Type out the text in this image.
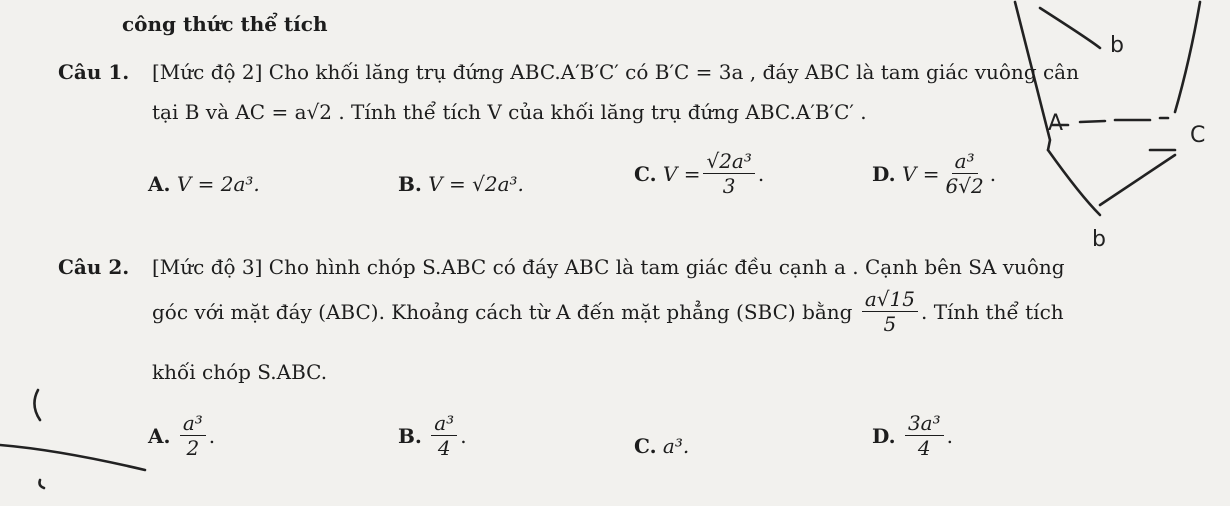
b
A	C
b
công thức thể tích
Câu 1. [Mức độ 2] Cho khối lăng trụ đứng ABC.A′B′C′ có B′C = 3a , đáy ABC là tam giác vuông cân
tại B và AC = a√2 . Tính thể tích V của khối lăng trụ đứng ABC.A′B′C′ .
A. V = 2a³.	B. V = √2a³.	C.
$V = \frac{\text{√2a³}}{3}$ .	D.
$V = \frac{\text{a³}}{6√2}$ .
Câu 2. [Mức độ 3] Cho hình chóp S.ABC có đáy ABC là tam giác đều cạnh a . Cạnh bên SA vuông
góc với mặt đáy (ABC). Khoảng cách từ A đến mặt phẳng (SBC) bằng
$\frac{a√15}{5}$ . Tính thể tích
khối chóp S.ABC.
A.
$\frac{\text{a³}}{2}$ .	B.
$\frac{\text{a³}}{4}$ .	C. a³.	D.
$\frac{\text{3a³}}{4}$ .
